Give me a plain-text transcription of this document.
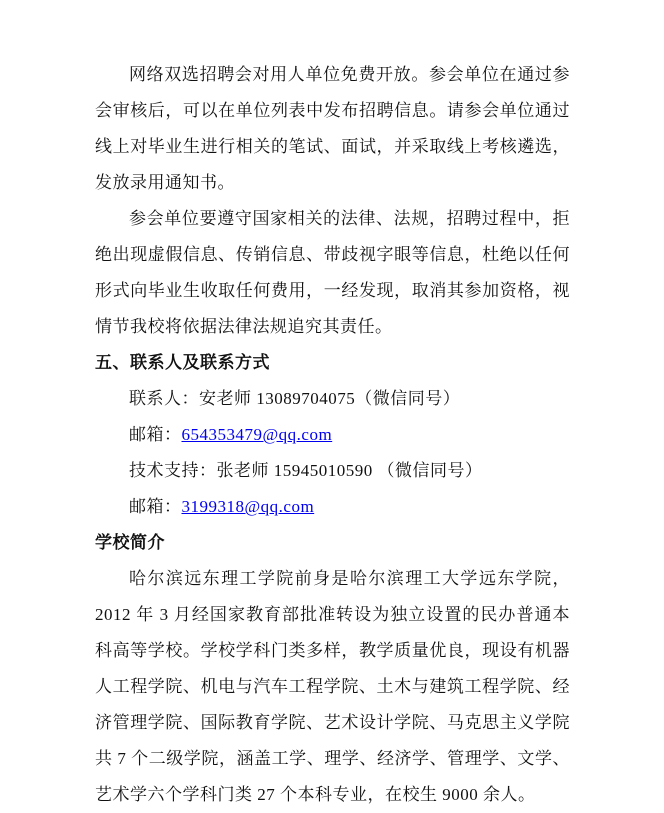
网络双选招聘会对用人单位免费开放。参会单位在通过参会审核后，可以在单位列表中发布招聘信息。请参会单位通过线上对毕业生进行相关的笔试、面试，并采取线上考核遴选，发放录用通知书。

参会单位要遵守国家相关的法律、法规，招聘过程中，拒绝出现虚假信息、传销信息、带歧视字眼等信息，杜绝以任何形式向毕业生收取任何费用，一经发现，取消其参加资格，视情节我校将依据法律法规追究其责任。

五、联系人及联系方式

联系人：安老师 13089704075（微信同号）

邮箱：654353479@qq.com

技术支持：张老师 15945010590 （微信同号）

邮箱：3199318@qq.com

学校简介

哈尔滨远东理工学院前身是哈尔滨理工大学远东学院，2012 年 3 月经国家教育部批准转设为独立设置的民办普通本科高等学校。学校学科门类多样，教学质量优良，现设有机器人工程学院、机电与汽车工程学院、土木与建筑工程学院、经济管理学院、国际教育学院、艺术设计学院、马克思主义学院共 7 个二级学院，涵盖工学、理学、经济学、管理学、文学、艺术学六个学科门类 27 个本科专业，在校生 9000 余人。
